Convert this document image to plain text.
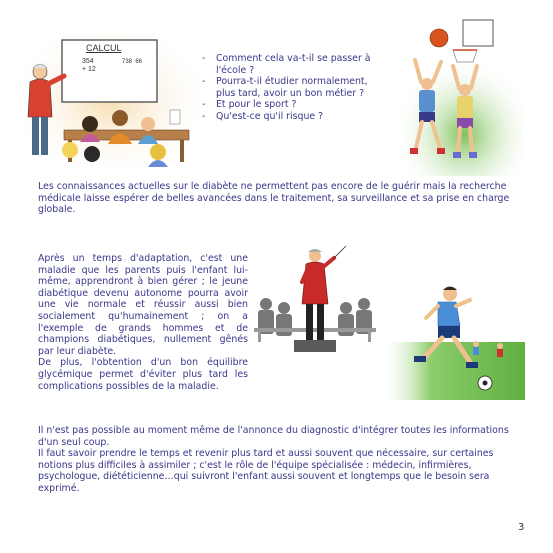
CALCUL
354
+ 12
738  66
-	Comment cela va-t-il se passer à l'école ?
- Pourra-t-il étudier normalement, plus tard, avoir un bon métier ?
- Et pour le sport ?
- Qu'est-ce qu'il risque ?

Les connaissances actuelles sur le diabète ne permettent pas encore de le guérir mais la recherche médicale laisse espérer de belles avancées dans le traitement, sa surveillance et sa prise en charge globale.

Après un temps d'adaptation, c'est une maladie que les parents puis l'enfant lui-même, apprendront à bien gérer ; le jeune diabétique devenu autonome pourra avoir une vie normale et réussir aussi bien socialement qu'humainement ; on a l'exemple de grands hommes et de champions diabétiques, nullement gênés par leur diabète.

De plus, l'obtention d'un bon équilibre glycémique permet d'éviter plus tard les complications possibles de la maladie.

Il n'est pas possible au moment même de l'annonce du diagnostic d'intégrer toutes les informations d'un seul coup.

Il faut savoir prendre le temps et revenir plus tard et aussi souvent que nécessaire, sur certaines notions plus difficiles à assimiler ; c'est le rôle de l'équipe spécialisée : médecin, infirmières, psychologue, diététicienne…qui suivront l'enfant aussi souvent et longtemps que le besoin sera exprimé.

3
